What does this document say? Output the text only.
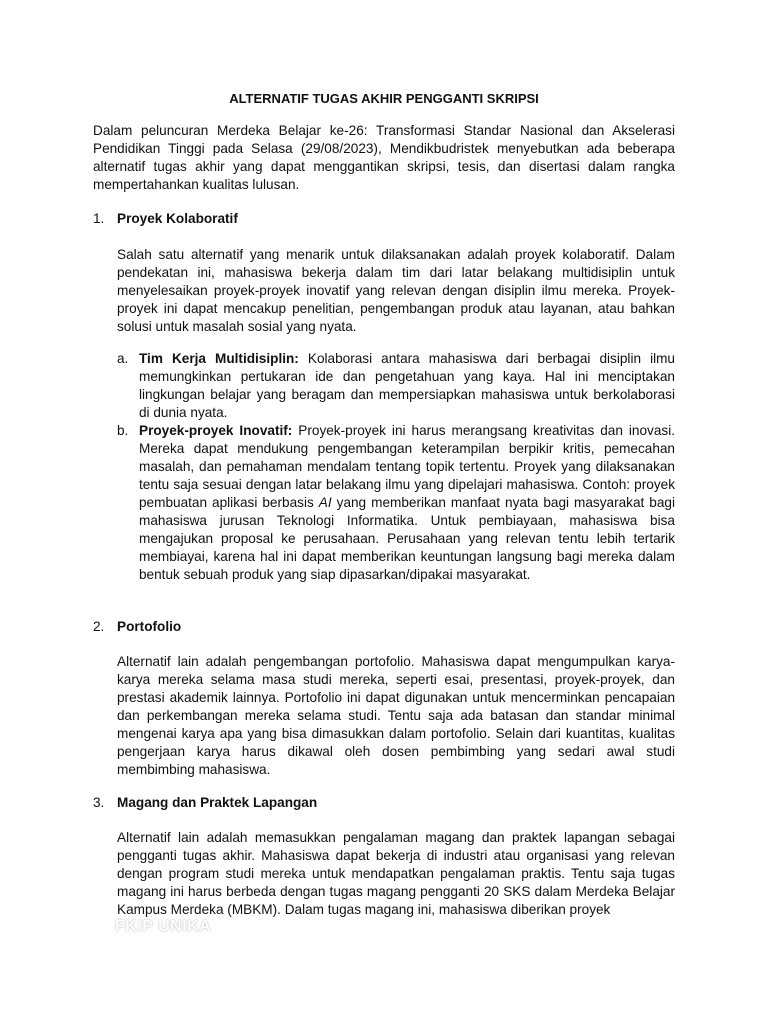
ALTERNATIF TUGAS AKHIR PENGGANTI SKRIPSI

Dalam peluncuran Merdeka Belajar ke-26: Transformasi Standar Nasional dan Akselerasi Pendidikan Tinggi pada Selasa (29/08/2023), Mendikbudristek menyebutkan ada beberapa alternatif tugas akhir yang dapat menggantikan skripsi, tesis, dan disertasi dalam rangka mempertahankan kualitas lulusan.

1. Proyek Kolaboratif

Salah satu alternatif yang menarik untuk dilaksanakan adalah proyek kolaboratif. Dalam pendekatan ini, mahasiswa bekerja dalam tim dari latar belakang multidisiplin untuk menyelesaikan proyek-proyek inovatif yang relevan dengan disiplin ilmu mereka. Proyek-proyek ini dapat mencakup penelitian, pengembangan produk atau layanan, atau bahkan solusi untuk masalah sosial yang nyata.

a. Tim Kerja Multidisiplin: Kolaborasi antara mahasiswa dari berbagai disiplin ilmu memungkinkan pertukaran ide dan pengetahuan yang kaya. Hal ini menciptakan lingkungan belajar yang beragam dan mempersiapkan mahasiswa untuk berkolaborasi di dunia nyata.
b. Proyek-proyek Inovatif: Proyek-proyek ini harus merangsang kreativitas dan inovasi. Mereka dapat mendukung pengembangan keterampilan berpikir kritis, pemecahan masalah, dan pemahaman mendalam tentang topik tertentu. Proyek yang dilaksanakan tentu saja sesuai dengan latar belakang ilmu yang dipelajari mahasiswa. Contoh: proyek pembuatan aplikasi berbasis AI yang memberikan manfaat nyata bagi masyarakat bagi mahasiswa jurusan Teknologi Informatika. Untuk pembiayaan, mahasiswa bisa mengajukan proposal ke perusahaan. Perusahaan yang relevan tentu lebih tertarik membiayai, karena hal ini dapat memberikan keuntungan langsung bagi mereka dalam bentuk sebuah produk yang siap dipasarkan/dipakai masyarakat.
2. Portofolio

Alternatif lain adalah pengembangan portofolio. Mahasiswa dapat mengumpulkan karya-karya mereka selama masa studi mereka, seperti esai, presentasi, proyek-proyek, dan prestasi akademik lainnya. Portofolio ini dapat digunakan untuk mencerminkan pencapaian dan perkembangan mereka selama studi. Tentu saja ada batasan dan standar minimal mengenai karya apa yang bisa dimasukkan dalam portofolio. Selain dari kuantitas, kualitas pengerjaan karya harus dikawal oleh dosen pembimbing yang sedari awal studi membimbing mahasiswa.

3. Magang dan Praktek Lapangan

Alternatif lain adalah memasukkan pengalaman magang dan praktek lapangan sebagai pengganti tugas akhir. Mahasiswa dapat bekerja di industri atau organisasi yang relevan dengan program studi mereka untuk mendapatkan pengalaman praktis. Tentu saja tugas magang ini harus berbeda dengan tugas magang pengganti 20 SKS dalam Merdeka Belajar Kampus Merdeka (MBKM). Dalam tugas magang ini, mahasiswa diberikan proyek

FKIP UNIKA
